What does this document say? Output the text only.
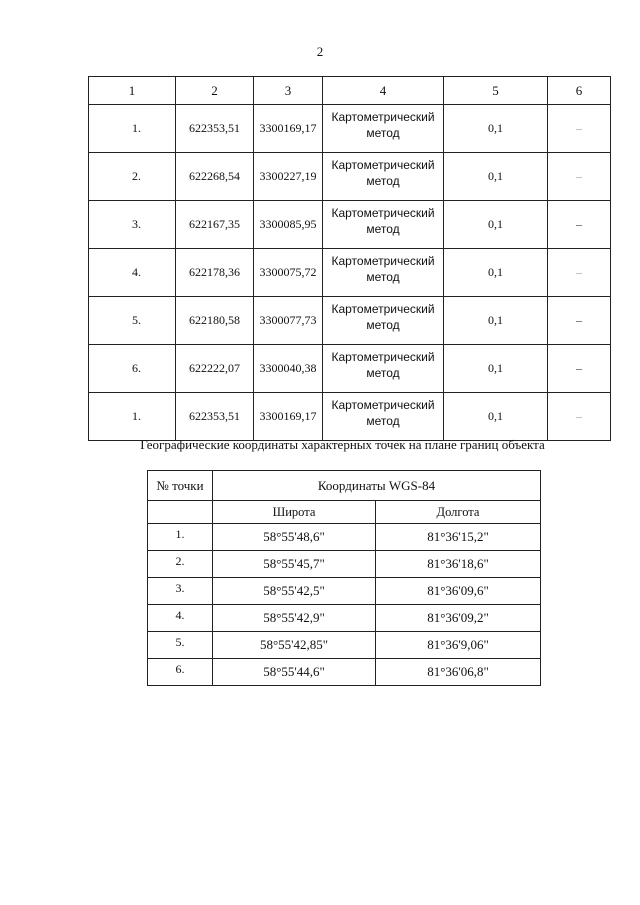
2
1	2	3	4	5	6
1.	622353,51	3300169,17	Картометрический метод	0,1	–
2.	622268,54	3300227,19	Картометрический метод	0,1	–
3.	622167,35	3300085,95	Картометрический метод	0,1	–
4.	622178,36	3300075,72	Картометрический метод	0,1	–
5.	622180,58	3300077,73	Картометрический метод	0,1	–
6.	622222,07	3300040,38	Картометрический метод	0,1	–
1.	622353,51	3300169,17	Картометрический метод	0,1	–
Географические координаты характерных точек на плане границ объекта
№ точки	Координаты WGS-84	
	Широта	Долгота
1.	58°55'48,6"	81°36'15,2"
2.	58°55'45,7"	81°36'18,6"
3.	58°55'42,5"	81°36'09,6"
4.	58°55'42,9"	81°36'09,2"
5.	58°55'42,85"	81°36'9,06"
6.	58°55'44,6"	81°36'06,8"
